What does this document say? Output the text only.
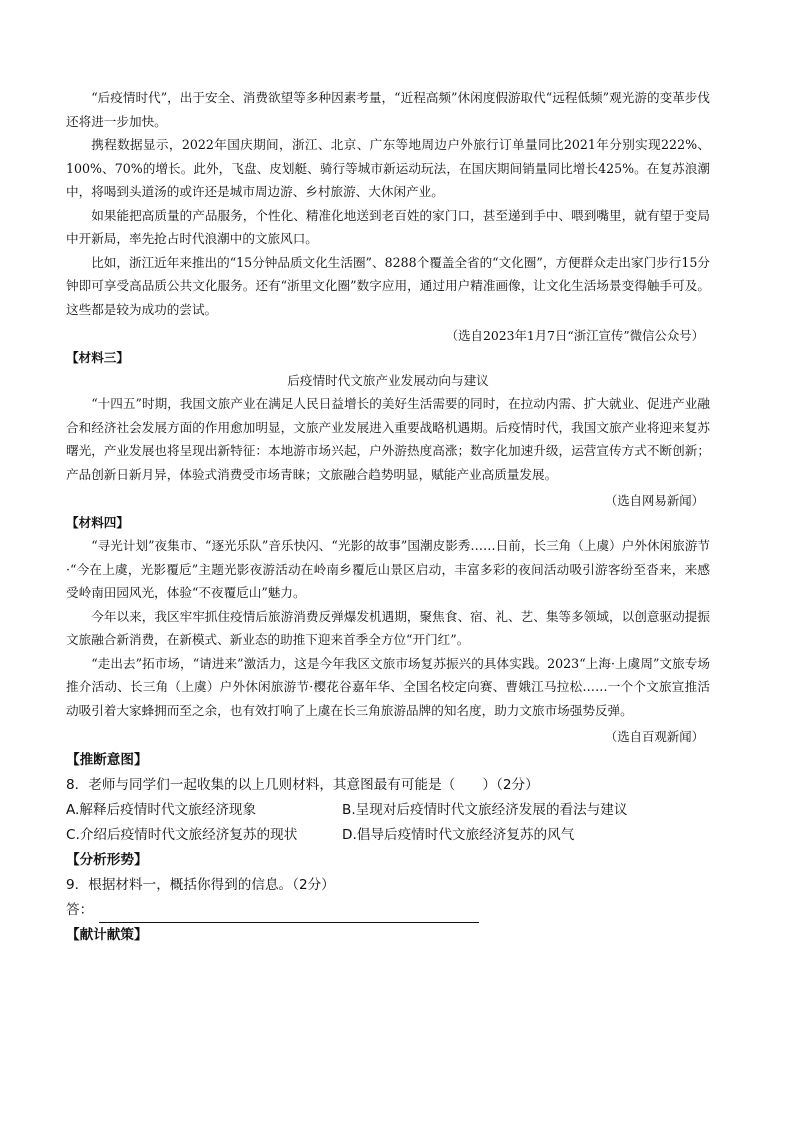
“后疫情时代”，出于安全、消费欲望等多种因素考量，“近程高频”休闲度假游取代“远程低频”观光游的变革步伐还将进一步加快。

携程数据显示，2022年国庆期间，浙江、北京、广东等地周边户外旅行订单量同比2021年分别实现222%、100%、70%的增长。此外，飞盘、皮划艇、骑行等城市新运动玩法，在国庆期间销量同比增长425%。在复苏浪潮中，将喝到头道汤的或许还是城市周边游、乡村旅游、大休闲产业。

如果能把高质量的产品服务，个性化、精准化地送到老百姓的家门口，甚至递到手中、喂到嘴里，就有望于变局中开新局，率先抢占时代浪潮中的文旅风口。

比如，浙江近年来推出的“15分钟品质文化生活圈”、8288个覆盖全省的“文化圈”，方便群众走出家门步行15分钟即可享受高品质公共文化服务。还有“浙里文化圈”数字应用，通过用户精准画像，让文化生活场景变得触手可及。这些都是较为成功的尝试。

（选自2023年1月7日“浙江宣传”微信公众号）

【材料三】

后疫情时代文旅产业发展动向与建议

“十四五”时期，我国文旅产业在满足人民日益增长的美好生活需要的同时，在拉动内需、扩大就业、促进产业融合和经济社会发展方面的作用愈加明显，文旅产业发展进入重要战略机遇期。后疫情时代，我国文旅产业将迎来复苏曙光，产业发展也将呈现出新特征：本地游市场兴起，户外游热度高涨；数字化加速升级，运营宣传方式不断创新；产品创新日新月异，体验式消费受市场青睐；文旅融合趋势明显，赋能产业高质量发展。

（选自网易新闻）

【材料四】

“寻光计划”夜集市、“逐光乐队”音乐快闪、“光影的故事”国潮皮影秀……日前，长三角（上虞）户外休闲旅游节·“今在上虞，光影覆卮”主题光影夜游活动在岭南乡覆卮山景区启动，丰富多彩的夜间活动吸引游客纷至沓来，来感受岭南田园风光，体验“不夜覆卮山”魅力。

今年以来，我区牢牢抓住疫情后旅游消费反弹爆发机遇期，聚焦食、宿、礼、艺、集等多领域，以创意驱动提振文旅融合新消费，在新模式、新业态的助推下迎来首季全方位“开门红”。

“走出去”拓市场，“请进来”激活力，这是今年我区文旅市场复苏振兴的具体实践。2023“上海·上虞周”文旅专场推介活动、长三角（上虞）户外休闲旅游节·樱花谷嘉年华、全国名校定向赛、曹娥江马拉松……一个个文旅宣推活动吸引着大家蜂拥而至之余，也有效打响了上虞在长三角旅游品牌的知名度，助力文旅市场强势反弹。

（选自百观新闻）

【推断意图】

8．老师与同学们一起收集的以上几则材料，其意图最有可能是（　　）（2分）

A.解释后疫情时代文旅经济现象	B.呈现对后疫情时代文旅经济发展的看法与建议
C.介绍后疫情时代文旅经济复苏的现状	D.倡导后疫情时代文旅经济复苏的风气

【分析形势】

9．根据材料一，概括你得到的信息。（2分）

答：

【献计献策】
